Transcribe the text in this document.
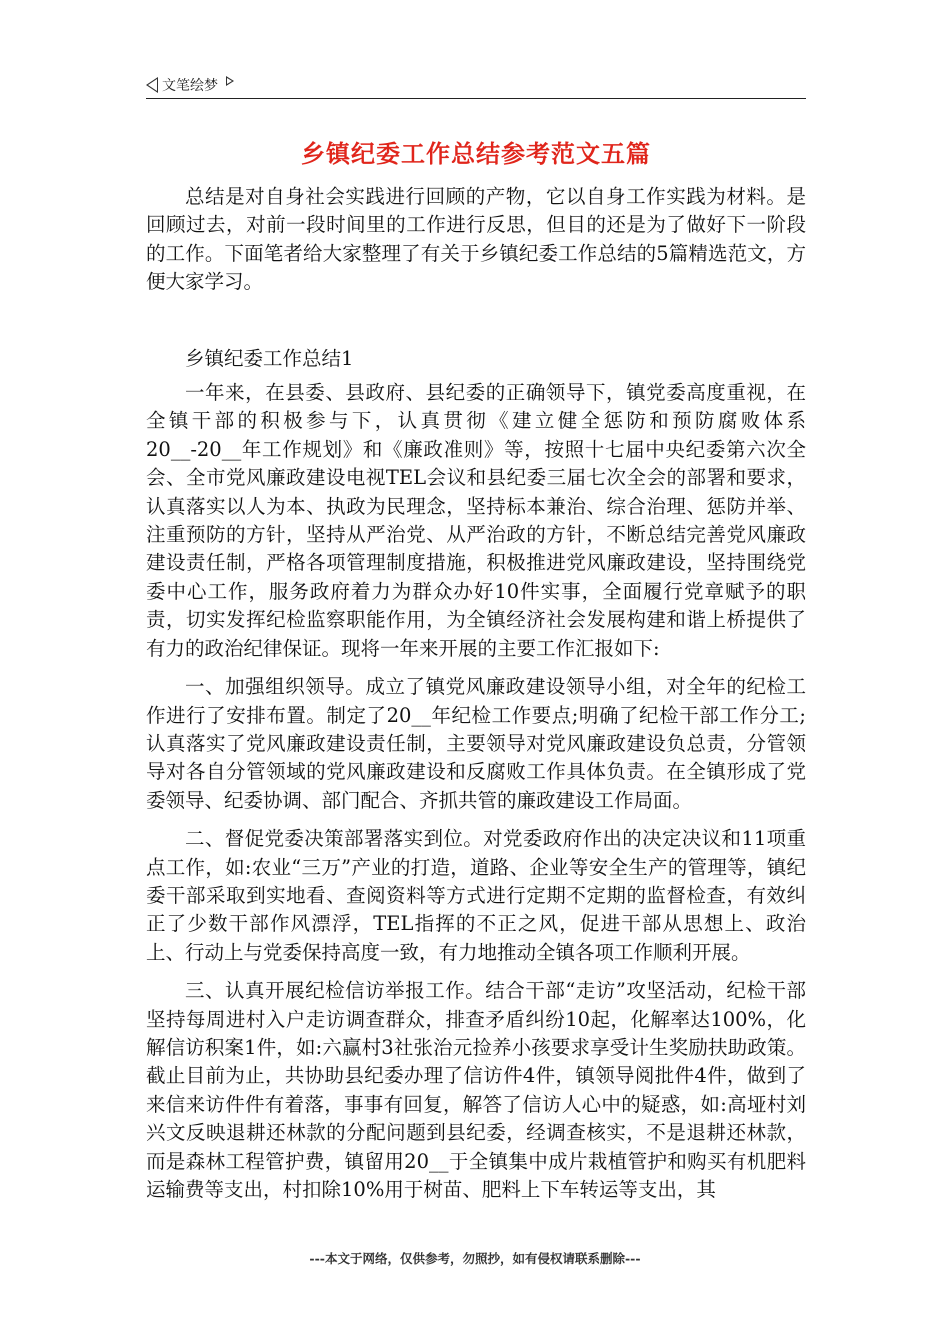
文笔绘梦
乡镇纪委工作总结参考范文五篇

总结是对自身社会实践进行回顾的产物，它以自身工作实践为材料。是回顾过去，对前一段时间里的工作进行反思，但目的还是为了做好下一阶段的工作。下面笔者给大家整理了有关于乡镇纪委工作总结的5篇精选范文，方便大家学习。

乡镇纪委工作总结1

一年来，在县委、县政府、县纪委的正确领导下，镇党委高度重视，在全镇干部的积极参与下，认真贯彻《建立健全惩防和预防腐败体系20__-20__年工作规划》和《廉政准则》等，按照十七届中央纪委第六次全会、全市党风廉政建设电视TEL会议和县纪委三届七次全会的部署和要求，认真落实以人为本、执政为民理念，坚持标本兼治、综合治理、惩防并举、注重预防的方针，坚持从严治党、从严治政的方针，不断总结完善党风廉政建设责任制，严格各项管理制度措施，积极推进党风廉政建设，坚持围绕党委中心工作，服务政府着力为群众办好10件实事，全面履行党章赋予的职责，切实发挥纪检监察职能作用，为全镇经济社会发展构建和谐上桥提供了有力的政治纪律保证。现将一年来开展的主要工作汇报如下:

一、加强组织领导。成立了镇党风廉政建设领导小组，对全年的纪检工作进行了安排布置。制定了20__年纪检工作要点;明确了纪检干部工作分工;认真落实了党风廉政建设责任制，主要领导对党风廉政建设负总责，分管领导对各自分管领域的党风廉政建设和反腐败工作具体负责。在全镇形成了党委领导、纪委协调、部门配合、齐抓共管的廉政建设工作局面。

二、督促党委决策部署落实到位。对党委政府作出的决定决议和11项重点工作，如:农业“三万”产业的打造，道路、企业等安全生产的管理等，镇纪委干部采取到实地看、查阅资料等方式进行定期不定期的监督检查，有效纠正了少数干部作风漂浮，TEL指挥的不正之风，促进干部从思想上、政治上、行动上与党委保持高度一致，有力地推动全镇各项工作顺利开展。

三、认真开展纪检信访举报工作。结合干部“走访”攻坚活动，纪检干部坚持每周进村入户走访调查群众，排查矛盾纠纷10起，化解率达100%，化解信访积案1件，如:六赢村3社张治元捡养小孩要求享受计生奖励扶助政策。截止目前为止，共协助县纪委办理了信访件4件，镇领导阅批件4件，做到了来信来访件件有着落，事事有回复，解答了信访人心中的疑惑，如:高垭村刘兴文反映退耕还林款的分配问题到县纪委，经调查核实，不是退耕还林款，而是森林工程管护费，镇留用20__于全镇集中成片栽植管护和购买有机肥料运输费等支出，村扣除10%用于树苗、肥料上下车转运等支出，其

---本文于网络，仅供参考，勿照抄，如有侵权请联系删除---
